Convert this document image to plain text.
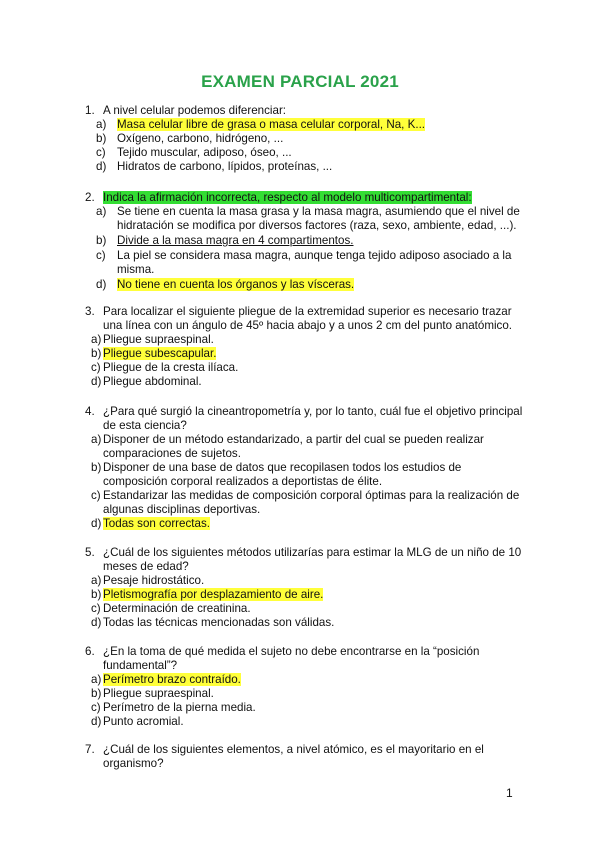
EXAMEN PARCIAL 2021
1. A nivel celular podemos diferenciar:
a) Masa celular libre de grasa o masa celular corporal, Na, K...
b) Oxígeno, carbono, hidrógeno, ...
c) Tejido muscular, adiposo, óseo, ...
d) Hidratos de carbono, lípidos, proteínas, ...
2. Indica la afirmación incorrecta, respecto al modelo multicompartimental:
a) Se tiene en cuenta la masa grasa y la masa magra, asumiendo que el nivel de
hidratación se modifica por diversos factores (raza, sexo, ambiente, edad, ...).
b) Divide a la masa magra en 4 compartimentos.
c) La piel se considera masa magra, aunque tenga tejido adiposo asociado a la
misma.
d) No tiene en cuenta los órganos y las vísceras.
3. Para localizar el siguiente pliegue de la extremidad superior es necesario trazar
una línea con un ángulo de 45º hacia abajo y a unos 2 cm del punto anatómico.
a) Pliegue supraespinal.
b) Pliegue subescapular.
c) Pliegue de la cresta ilíaca.
d) Pliegue abdominal.
4. ¿Para qué surgió la cineantropometría y, por lo tanto, cuál fue el objetivo principal
de esta ciencia?
a) Disponer de un método estandarizado, a partir del cual se pueden realizar
comparaciones de sujetos.
b) Disponer de una base de datos que recopilasen todos los estudios de
composición corporal realizados a deportistas de élite.
c) Estandarizar las medidas de composición corporal óptimas para la realización de
algunas disciplinas deportivas.
d) Todas son correctas.
5. ¿Cuál de los siguientes métodos utilizarías para estimar la MLG de un niño de 10
meses de edad?
a) Pesaje hidrostático.
b) Pletismografía por desplazamiento de aire.
c) Determinación de creatinina.
d) Todas las técnicas mencionadas son válidas.
6. ¿En la toma de qué medida el sujeto no debe encontrarse en la “posición
fundamental”?
a) Perímetro brazo contraído.
b) Pliegue supraespinal.
c) Perímetro de la pierna media.
d) Punto acromial.
7. ¿Cuál de los siguientes elementos, a nivel atómico, es el mayoritario en el
organismo?
1
